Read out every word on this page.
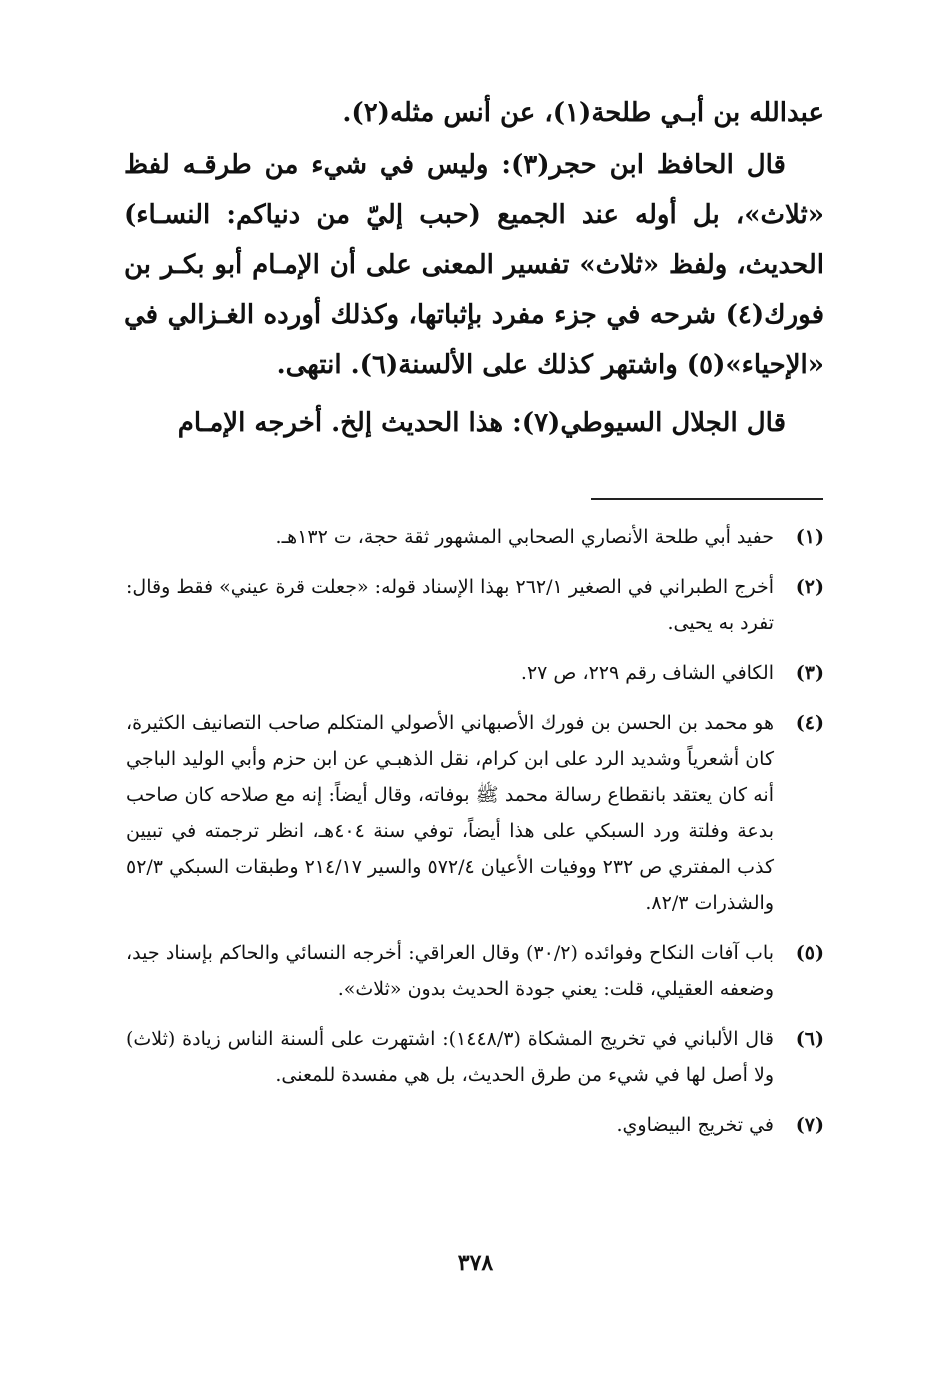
عبدالله بن أبـي طلحة(١)، عن أنس مثله(٢).

قال الحافظ ابن حجر(٣): وليس في شيء من طرقـه لفظ «ثلاث»، بل أوله عند الجميع (حبب إليّ من دنياكم: النسـاء) الحديث، ولفظ «ثلاث» تفسير المعنى على أن الإمـام أبو بكـر بن فورك(٤) شرحه في جزء مفرد بإثباتها، وكذلك أورده الغـزالي في «الإحياء»(٥) واشتهر كذلك على الألسنة(٦). انتهى.

قال الجلال السيوطي(٧): هذا الحديث إلخ. أخرجه الإمـام

(١)
حفيد أبي طلحة الأنصاري الصحابي المشهور ثقة حجة، ت ١٣٢هـ.
(٢)
أخرج الطبراني في الصغير ٢٦٢/١ بهذا الإسناد قوله: «جعلت قرة عيني» فقط وقال: تفرد به يحيى.
(٣)
الكافي الشاف رقم ٢٢٩، ص ٢٧.
(٤)
هو محمد بن الحسن بن فورك الأصبهاني الأصولي المتكلم صاحب التصانيف الكثيرة، كان أشعرياً وشديد الرد على ابن كرام، نقل الذهبـي عن ابن حزم وأبي الوليد الباجي أنه كان يعتقد بانقطاع رسالة محمد ﷺ بوفاته، وقال أيضاً: إنه مع صلاحه كان صاحب بدعة وفلتة ورد السبكي على هذا أيضاً، توفي سنة ٤٠٤هـ، انظر ترجمته في تبيين كذب المفتري ص ٢٣٢ ووفيات الأعيان ٥٧٢/٤ والسير ٢١٤/١٧ وطبقات السبكي ٥٢/٣ والشذرات ٨٢/٣.
(٥)
باب آفات النكاح وفوائده (٣٠/٢) وقال العراقي: أخرجه النسائي والحاكم بإسناد جيد، وضعفه العقيلي، قلت: يعني جودة الحديث بدون «ثلاث».
(٦)
قال الألباني في تخريج المشكاة (١٤٤٨/٣): اشتهرت على ألسنة الناس زيادة (ثلاث) ولا أصل لها في شيء من طرق الحديث، بل هي مفسدة للمعنى.
(٧)
في تخريج البيضاوي.
٣٧٨
